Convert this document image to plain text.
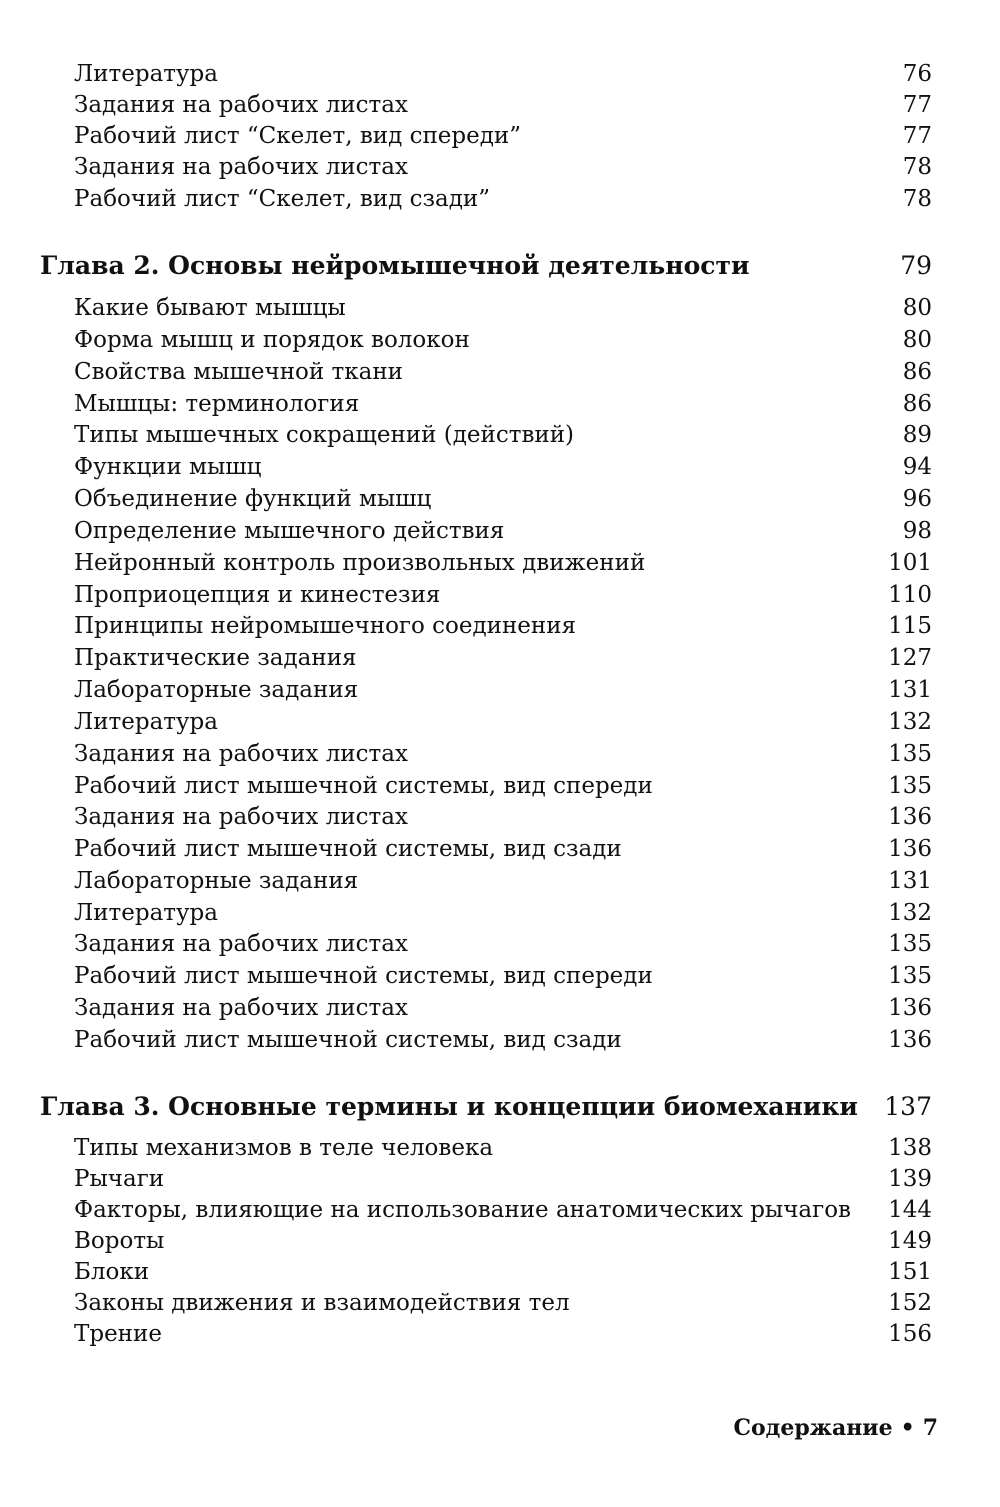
Литература	76
Задания на рабочих листах	77
Рабочий лист “Скелет, вид спереди”	77
Задания на рабочих листах	78
Рабочий лист “Скелет, вид сзади”	78
Глава 2. Основы нейромышечной деятельности	79
Какие бывают мышцы	80
Форма мышц и порядок волокон	80
Свойства мышечной ткани	86
Мышцы: терминология	86
Типы мышечных сокращений (действий)	89
Функции мышц	94
Объединение функций мышц	96
Определение мышечного действия	98
Нейронный контроль произвольных движений	101
Проприоцепция и кинестезия	110
Принципы нейромышечного соединения	115
Практические задания	127
Лабораторные задания	131
Литература	132
Задания на рабочих листах	135
Рабочий лист мышечной системы, вид спереди	135
Задания на рабочих листах	136
Рабочий лист мышечной системы, вид сзади	136
Лабораторные задания	131
Литература	132
Задания на рабочих листах	135
Рабочий лист мышечной системы, вид спереди	135
Задания на рабочих листах	136
Рабочий лист мышечной системы, вид сзади	136
Глава 3. Основные термины и концепции биомеханики 137
Типы механизмов в теле человека	138
Рычаги	139
Факторы, влияющие на использование анатомических рычагов 144
Вороты	149
Блоки	151
Законы движения и взаимодействия тел	152
Трение	156
Содержание • 7
